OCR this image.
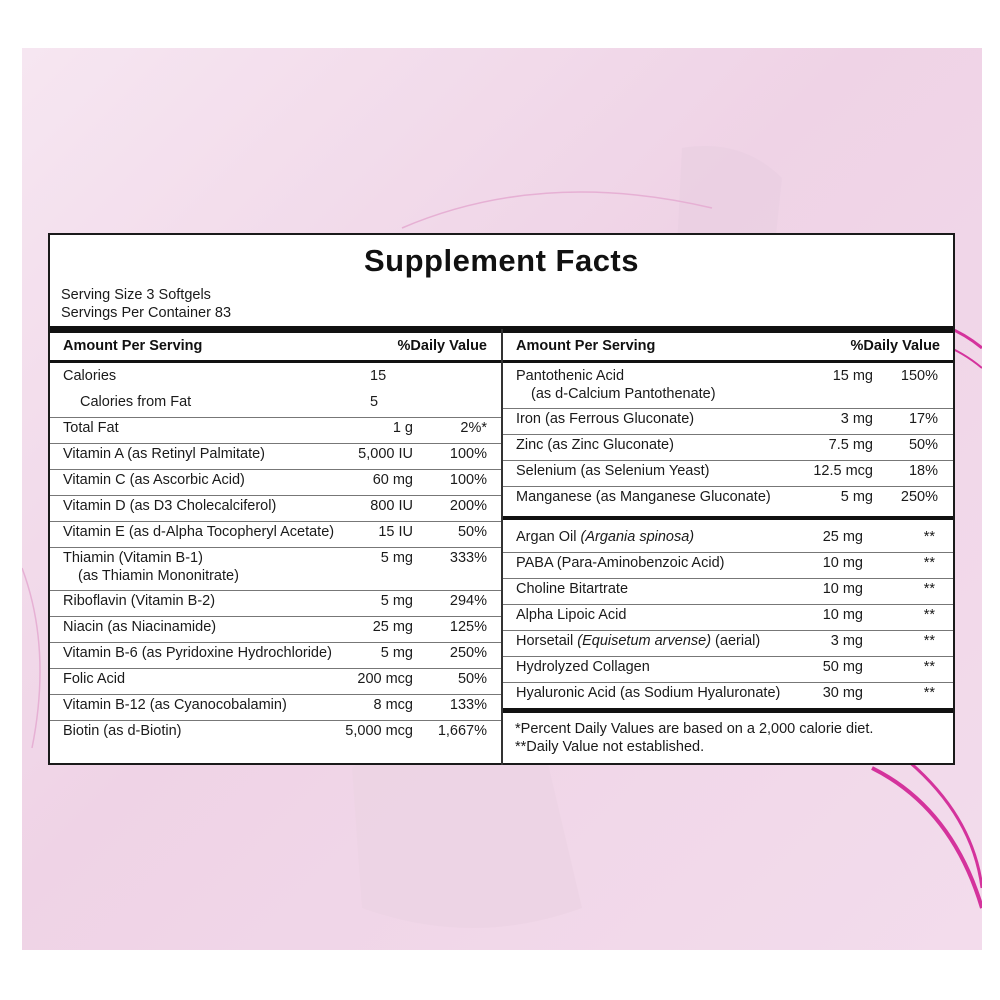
Supplement Facts
Serving Size 3 Softgels
Servings Per Container 83
Amount Per Serving	%Daily Value
Calories	15
Calories from Fat	5
Total Fat	1 g	2%*
Vitamin A (as Retinyl Palmitate)	5,000 IU	100%
Vitamin C (as Ascorbic Acid)	60 mg	100%
Vitamin D (as D3 Cholecalciferol)	800 IU	200%
Vitamin E (as d-Alpha Tocopheryl Acetate)	15 IU	50%
Thiamin (Vitamin B-1)
(as Thiamin Mononitrate)
5 mg	333%
Riboflavin (Vitamin B-2)	5 mg	294%
Niacin (as Niacinamide)	25 mg	125%
Vitamin B-6 (as Pyridoxine Hydrochloride)	5 mg	250%
Folic Acid	200 mcg	50%
Vitamin B-12 (as Cyanocobalamin)	8 mcg	133%
Biotin (as d-Biotin)	5,000 mcg 1,667%
Amount Per Serving	%Daily Value
Pantothenic Acid
(as d-Calcium Pantothenate)
15 mg 150%
Iron (as Ferrous Gluconate)	3 mg 17%
Zinc (as Zinc Gluconate)	7.5 mg 50%
Selenium (as Selenium Yeast)	12.5 mcg 18%
Manganese (as Manganese Gluconate)	5 mg 250%
Argan Oil (Argania spinosa)	25 mg	**
PABA (Para-Aminobenzoic Acid)	10 mg	**
Choline Bitartrate	10 mg	**
Alpha Lipoic Acid	10 mg	**
Horsetail (Equisetum arvense) (aerial)	3 mg	**
Hydrolyzed Collagen	50 mg	**
Hyaluronic Acid (as Sodium Hyaluronate)	30 mg	**
*Percent Daily Values are based on a 2,000 calorie diet.
**Daily Value not established.
